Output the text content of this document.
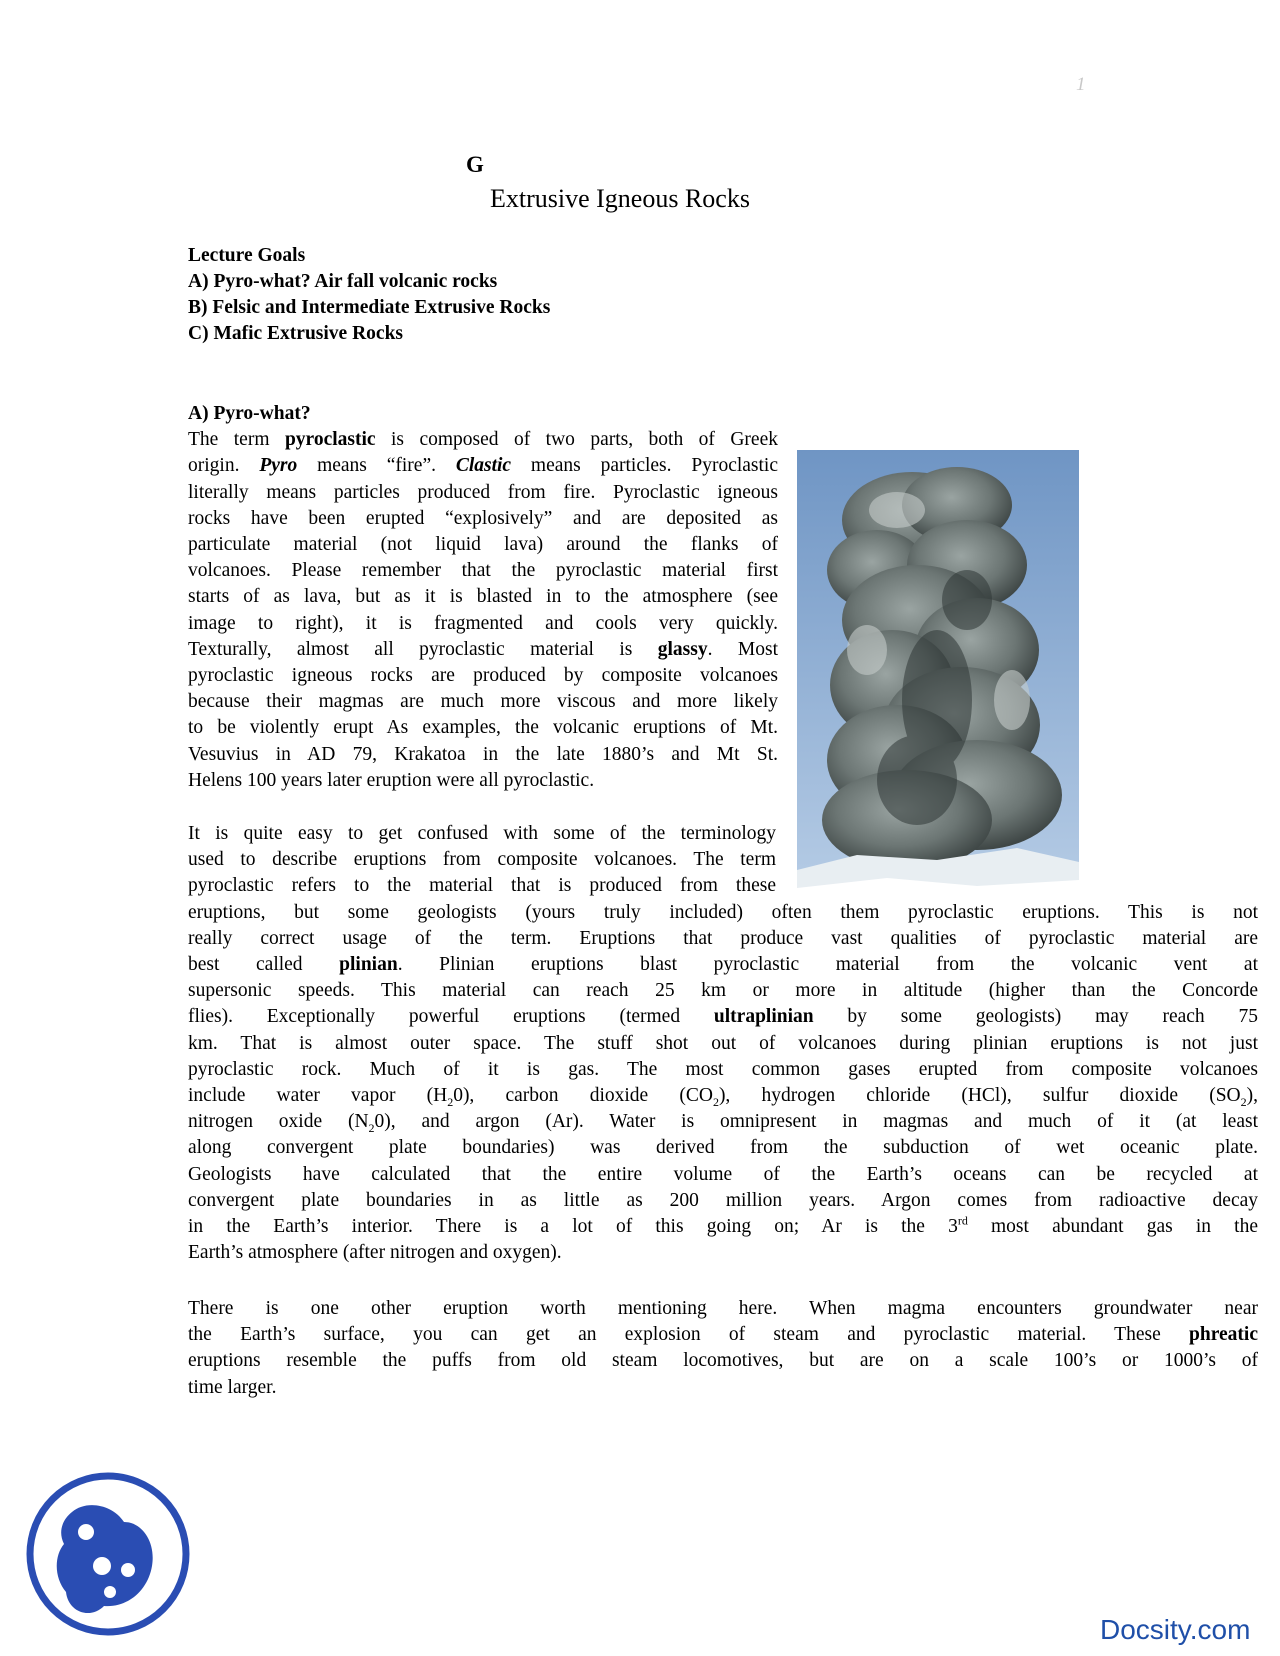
1
G
Extrusive Igneous Rocks
Lecture Goals
A) Pyro-what? Air fall volcanic rocks
B) Felsic and Intermediate Extrusive Rocks
C) Mafic Extrusive Rocks
A) Pyro-what?
The term pyroclastic is composed of two parts, both of Greek
origin. Pyro means “fire”. Clastic means particles. Pyroclastic
literally means particles produced from fire. Pyroclastic igneous
rocks have been erupted “explosively” and are deposited as
particulate material (not liquid lava) around the flanks of
volcanoes. Please remember that the pyroclastic material first
starts of as lava, but as it is blasted in to the atmosphere (see
image to right), it is fragmented and cools very quickly.
Texturally, almost all pyroclastic material is glassy. Most
pyroclastic igneous rocks are produced by composite volcanoes
because their magmas are much more viscous and more likely
to be violently erupt As examples, the volcanic eruptions of Mt.
Vesuvius in AD 79, Krakatoa in the late 1880’s and Mt St.
Helens 100 years later eruption were all pyroclastic.
It is quite easy to get confused with some of the terminology
used to describe eruptions from composite volcanoes. The term
pyroclastic refers to the material that is produced from these
eruptions, but some geologists (yours truly included) often them pyroclastic eruptions. This is not
really correct usage of the term. Eruptions that produce vast qualities of pyroclastic material are
best called plinian. Plinian eruptions blast pyroclastic material from the volcanic vent at
supersonic speeds. This material can reach 25 km or more in altitude (higher than the Concorde
flies). Exceptionally powerful eruptions (termed ultraplinian by some geologists) may reach 75
km. That is almost outer space. The stuff shot out of volcanoes during plinian eruptions is not just
pyroclastic rock. Much of it is gas. The most common gases erupted from composite volcanoes
include water vapor $(H_20)$, carbon dioxide $(CO_2)$, hydrogen chloride (HCl), sulfur dioxide $(SO_2)$,
nitrogen oxide $(N_20)$, and argon (Ar). Water is omnipresent in magmas and much of it (at least
along convergent plate boundaries) was derived from the subduction of wet oceanic plate.
Geologists have calculated that the entire volume of the Earth’s oceans can be recycled at
convergent plate boundaries in as little as 200 million years. Argon comes from radioactive decay
in the Earth’s interior. There is a lot of this going on; Ar is the 3rd most abundant gas in the
Earth’s atmosphere (after nitrogen and oxygen).
There is one other eruption worth mentioning here. When magma encounters groundwater near
the Earth’s surface, you can get an explosion of steam and pyroclastic material. These phreatic
eruptions resemble the puffs from old steam locomotives, but are on a scale 100’s or 1000’s of
time larger.
Docsity.com
